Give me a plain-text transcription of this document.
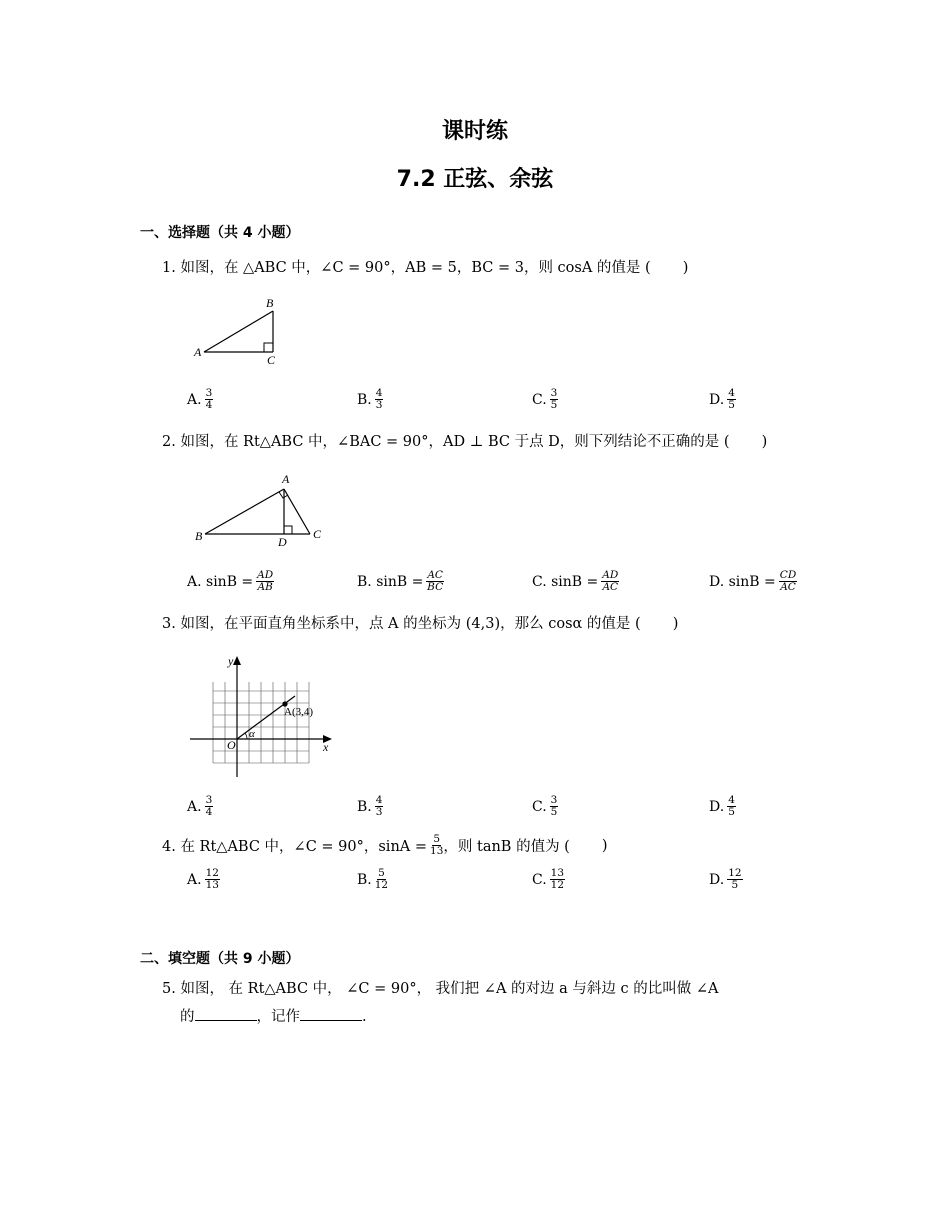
课时练
7.2 正弦、余弦
一、选择题（共 4 小题）
1. 如图，在 △ABC 中，∠C = 90°，AB = 5，BC = 3，则 cosA 的值是 ( )
A
B
C
A. $\frac{3}{4}$	B. $\frac{4}{3}$	C. $\frac{3}{5}$	D. $\frac{4}{5}$
2. 如图，在 Rt△ABC 中，∠BAC = 90°，AD ⊥ BC 于点 D，则下列结论不正确的是 ( )
A
B	C
D
A. $\sin B = \frac{AD}{AB}$	B. $\sin B = \frac{AC}{BC}$	C. $\sin B = \frac{AD}{AC}$	D. $\sin B = \frac{CD}{AC}$
3. 如图，在平面直角坐标系中，点 A 的坐标为 (4,3)，那么 cosα 的值是 ( )
y
x
O
α
A(3,4)
A. $\frac{3}{4}$	B. $\frac{4}{3}$	C. $\frac{3}{5}$	D. $\frac{4}{5}$
4. 在 Rt△ABC 中，∠C = 90°，$\sin A = \frac{5}{13}$ ，则 tanB 的值为 ( )
A. $\frac{12}{13}$	B. $\frac{5}{12}$	C. $\frac{13}{12}$	D. $\frac{12}{5}$
二、填空题（共 9 小题）
5. 如图， 在 Rt△ABC 中， ∠C = 90°， 我们把 ∠A 的对边 a 与斜边 c 的比叫做 ∠A
的	，记作	.
